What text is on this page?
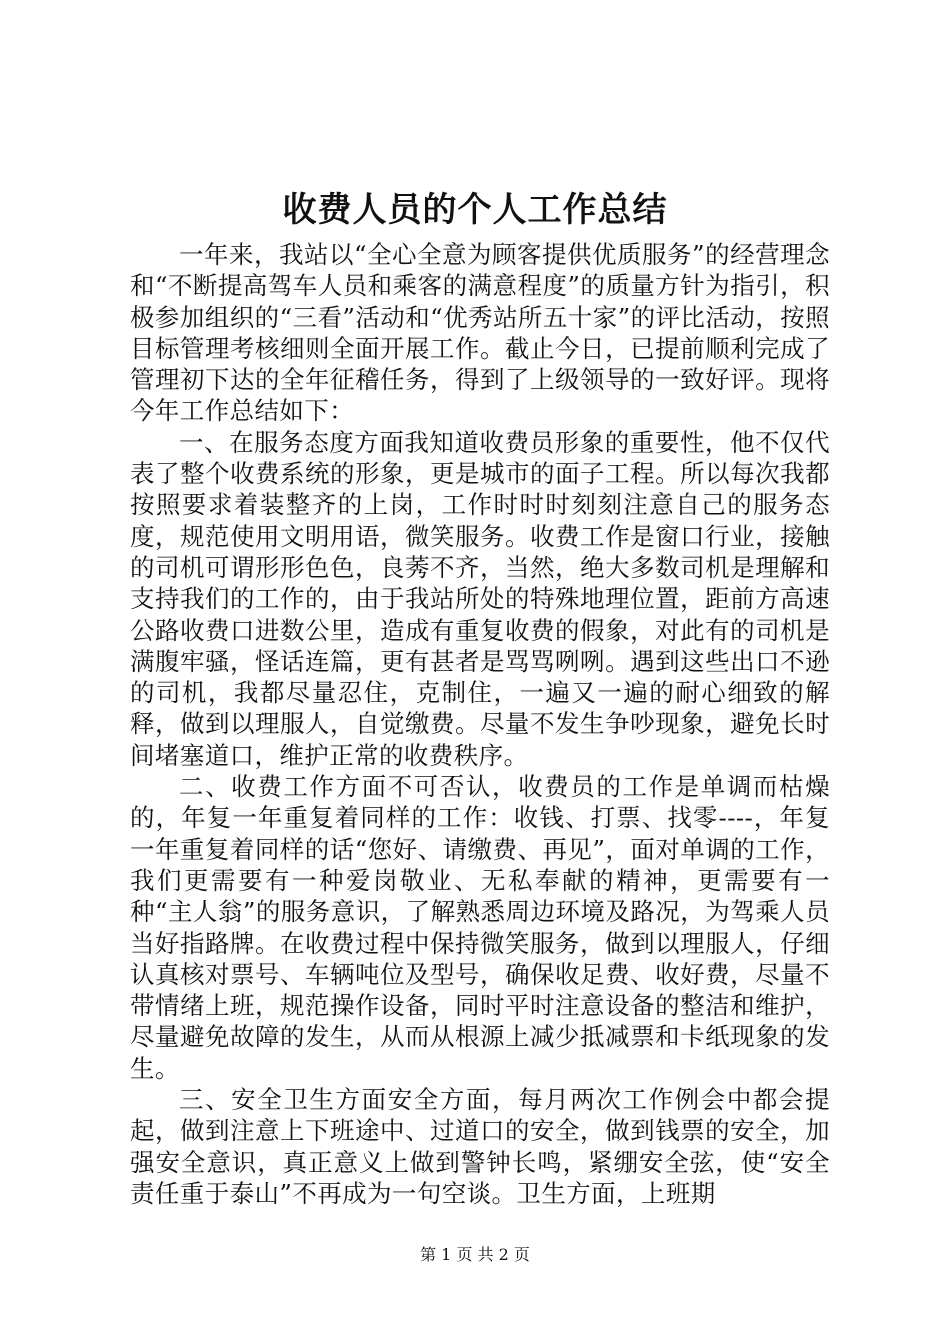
收费人员的个人工作总结

一年来，我站以“全心全意为顾客提供优质服务”的经营理念和“不断提高驾车人员和乘客的满意程度”的质量方针为指引，积极参加组织的“三看”活动和“优秀站所五十家”的评比活动，按照目标管理考核细则全面开展工作。截止今日，已提前顺利完成了管理初下达的全年征稽任务，得到了上级领导的一致好评。现将今年工作总结如下：

一、在服务态度方面我知道收费员形象的重要性，他不仅代表了整个收费系统的形象，更是城市的面子工程。所以每次我都按照要求着装整齐的上岗，工作时时时刻刻注意自己的服务态度，规范使用文明用语，微笑服务。收费工作是窗口行业，接触的司机可谓形形色色，良莠不齐，当然，绝大多数司机是理解和支持我们的工作的，由于我站所处的特殊地理位置，距前方高速公路收费口进数公里，造成有重复收费的假象，对此有的司机是满腹牢骚，怪话连篇，更有甚者是骂骂咧咧。遇到这些出口不逊的司机，我都尽量忍住，克制住，一遍又一遍的耐心细致的解释，做到以理服人，自觉缴费。尽量不发生争吵现象，避免长时间堵塞道口，维护正常的收费秩序。

二、收费工作方面不可否认，收费员的工作是单调而枯燥的，年复一年重复着同样的工作：收钱、打票、找零----，年复一年重复着同样的话“您好、请缴费、再见”，面对单调的工作，我们更需要有一种爱岗敬业、无私奉献的精神，更需要有一种“主人翁”的服务意识，了解熟悉周边环境及路况，为驾乘人员当好指路牌。在收费过程中保持微笑服务，做到以理服人，仔细认真核对票号、车辆吨位及型号，确保收足费、收好费，尽量不带情绪上班，规范操作设备，同时平时注意设备的整洁和维护，尽量避免故障的发生，从而从根源上减少抵减票和卡纸现象的发生。

三、安全卫生方面安全方面，每月两次工作例会中都会提起，做到注意上下班途中、过道口的安全，做到钱票的安全，加强安全意识，真正意义上做到警钟长鸣，紧绷安全弦，使“安全责任重于泰山”不再成为一句空谈。卫生方面，上班期

第 1 页 共 2 页
